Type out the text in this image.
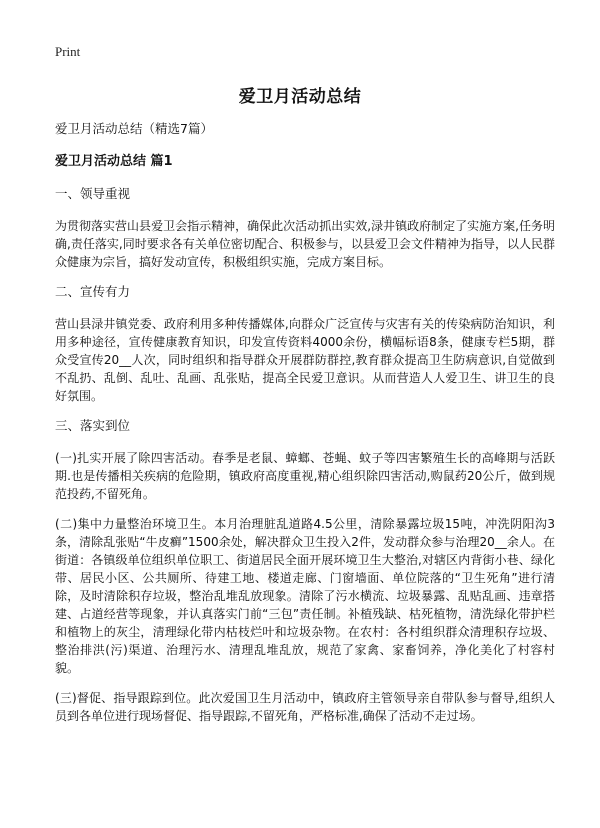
Print
爱卫月活动总结

爱卫月活动总结（精选7篇）

爱卫月活动总结 篇1

一、领导重视

为贯彻落实营山县爱卫会指示精神，确保此次活动抓出实效,渌井镇政府制定了实施方案,任务明确,责任落实,同时要求各有关单位密切配合、积极参与，以县爱卫会文件精神为指导，以人民群众健康为宗旨，搞好发动宣传，积极组织实施，完成方案目标。

二、宣传有力

营山县渌井镇党委、政府利用多种传播媒体,向群众广泛宣传与灾害有关的传染病防治知识，利用多种途径，宣传健康教育知识，印发宣传资料4000余份，横幅标语8条，健康专栏5期，群众受宣传20__人次，同时组织和指导群众开展群防群控,教育群众提高卫生防病意识,自觉做到不乱扔、乱倒、乱吐、乱画、乱张贴，提高全民爱卫意识。从而营造人人爱卫生、讲卫生的良好氛围。

三、落实到位

(一)扎实开展了除四害活动。春季是老鼠、蟑螂、苍蝇、蚊子等四害繁殖生长的高峰期与活跃期.也是传播相关疾病的危险期，镇政府高度重视,精心组织除四害活动,购鼠药20公斤，做到规范投药,不留死角。

(二)集中力量整治环境卫生。本月治理脏乱道路4.5公里，清除暴露垃圾15吨，冲洗阴阳沟3条，清除乱张贴“牛皮癣”1500余处，解决群众卫生投入2件，发动群众参与治理20__余人。在街道：各镇级单位组织单位职工、街道居民全面开展环境卫生大整治,对辖区内背街小巷、绿化带、居民小区、公共厕所、待建工地、楼道走廊、门窗墙面、单位院落的“卫生死角”进行清除，及时清除积存垃圾，整治乱堆乱放现象。清除了污水横流、垃圾暴露、乱贴乱画、违章搭建、占道经营等现象，并认真落实门前“三包”责任制。补植残缺、枯死植物，清洗绿化带护栏和植物上的灰尘，清理绿化带内枯枝烂叶和垃圾杂物。在农村：各村组织群众清理积存垃圾、整治排洪(污)渠道、治理污水、清理乱堆乱放，规范了家禽、家畜饲养，净化美化了村容村貌。

(三)督促、指导跟踪到位。此次爱国卫生月活动中，镇政府主管领导亲自带队参与督导,组织人员到各单位进行现场督促、指导跟踪,不留死角，严格标准,确保了活动不走过场。
